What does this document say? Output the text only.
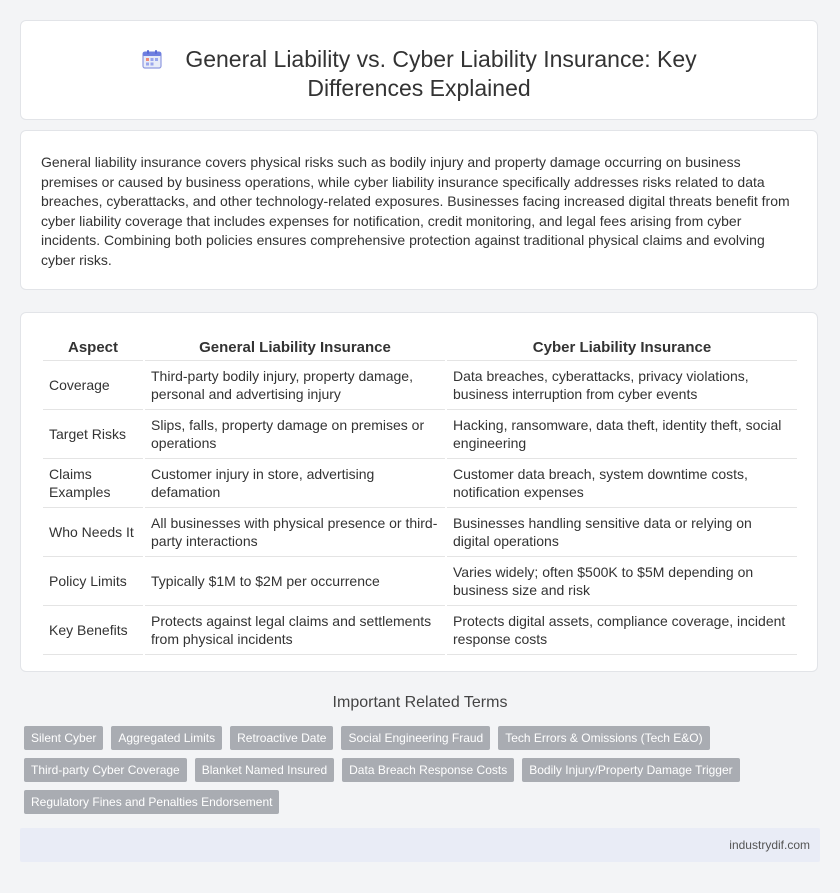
General Liability vs. Cyber Liability Insurance: Key Differences Explained
General liability insurance covers physical risks such as bodily injury and property damage occurring on business premises or caused by business operations, while cyber liability insurance specifically addresses risks related to data breaches, cyberattacks, and other technology-related exposures. Businesses facing increased digital threats benefit from cyber liability coverage that includes expenses for notification, credit monitoring, and legal fees arising from cyber incidents. Combining both policies ensures comprehensive protection against traditional physical claims and evolving cyber risks.
Aspect	General Liability Insurance	Cyber Liability Insurance
Coverage	Third-party bodily injury, property damage, personal and advertising injury	Data breaches, cyberattacks, privacy violations, business interruption from cyber events
Target Risks	Slips, falls, property damage on premises or operations	Hacking, ransomware, data theft, identity theft, social engineering
Claims Examples	Customer injury in store, advertising defamation	Customer data breach, system downtime costs, notification expenses
Who Needs It	All businesses with physical presence or third-party interactions	Businesses handling sensitive data or relying on digital operations
Policy Limits	Typically $1M to $2M per occurrence	Varies widely; often $500K to $5M depending on business size and risk
Key Benefits	Protects against legal claims and settlements from physical incidents	Protects digital assets, compliance coverage, incident response costs
Important Related Terms
Silent Cyber	Aggregated Limits	Retroactive Date	Social Engineering Fraud	Tech Errors & Omissions (Tech E&O)
Third-party Cyber Coverage	Blanket Named Insured	Data Breach Response Costs	Bodily Injury/Property Damage Trigger
Regulatory Fines and Penalties Endorsement
industrydif.com
